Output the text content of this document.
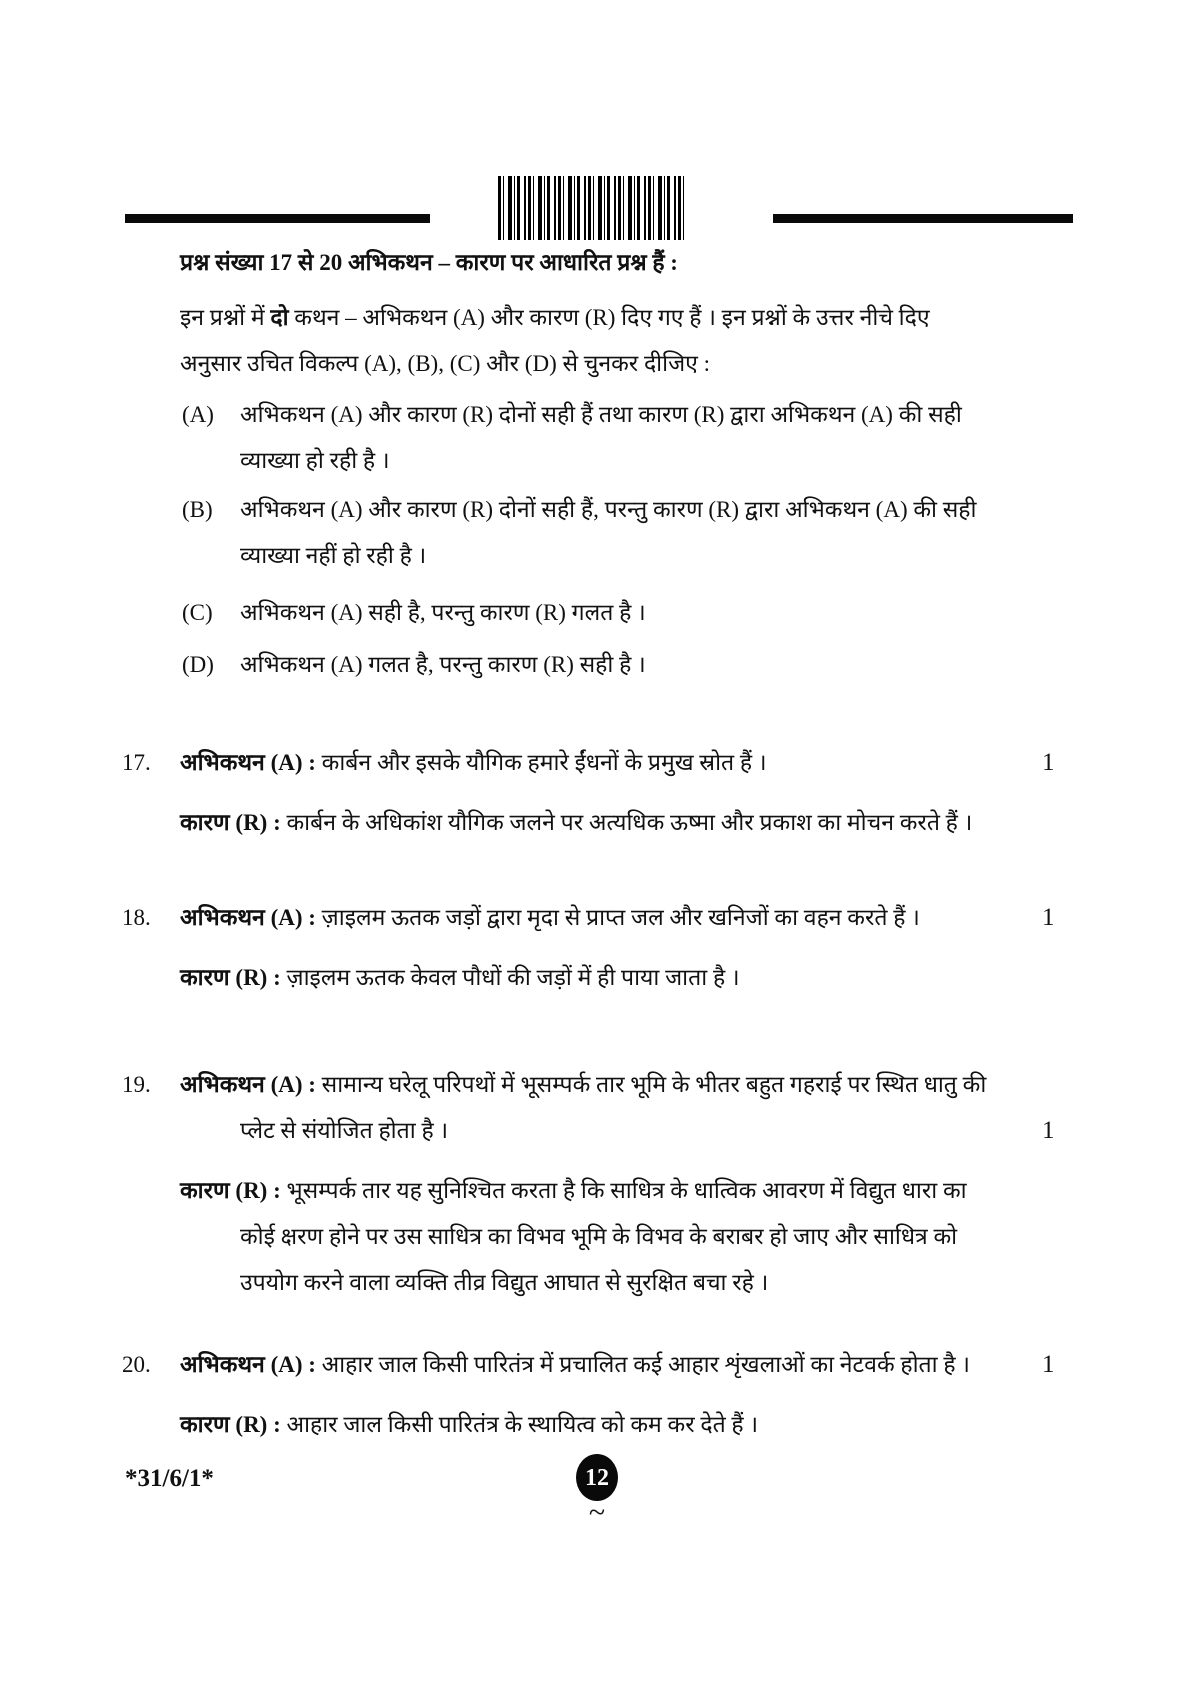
प्रश्न संख्या 17 से 20 अभिकथन – कारण पर आधारित प्रश्न हैं :
इन प्रश्नों में दो कथन – अभिकथन (A) और कारण (R) दिए गए हैं । इन प्रश्नों के उत्तर नीचे दिए
अनुसार उचित विकल्प (A), (B), (C) और (D) से चुनकर दीजिए :
(A)	अभिकथन (A) और कारण (R) दोनों सही हैं तथा कारण (R) द्वारा अभिकथन (A) की सही
व्याख्या हो रही है ।
(B)	अभिकथन (A) और कारण (R) दोनों सही हैं, परन्तु कारण (R) द्वारा अभिकथन (A) की सही
व्याख्या नहीं हो रही है ।
(C)	अभिकथन (A) सही है, परन्तु कारण (R) गलत है ।
(D)	अभिकथन (A) गलत है, परन्तु कारण (R) सही है ।
17.	अभिकथन (A) : कार्बन और इसके यौगिक हमारे ईंधनों के प्रमुख स्रोत हैं ।

कारण (R) : कार्बन के अधिकांश यौगिक जलने पर अत्यधिक ऊष्मा और प्रकाश का मोचन करते हैं ।

1
18.	अभिकथन (A) : ज़ाइलम ऊतक जड़ों द्वारा मृदा से प्राप्त जल और खनिजों का वहन करते हैं ।

कारण (R) : ज़ाइलम ऊतक केवल पौधों की जड़ों में ही पाया जाता है ।

1
19.	अभिकथन (A) : सामान्य घरेलू परिपथों में भूसम्पर्क तार भूमि के भीतर बहुत गहराई पर स्थित धातु की
प्लेट से संयोजित होता है ।

कारण (R) : भूसम्पर्क तार यह सुनिश्चित करता है कि साधित्र के धात्विक आवरण में विद्युत धारा का
कोई क्षरण होने पर उस साधित्र का विभव भूमि के विभव के बराबर हो जाए और साधित्र को
उपयोग करने वाला व्यक्ति तीव्र विद्युत आघात से सुरक्षित बचा रहे ।

1
20.	अभिकथन (A) : आहार जाल किसी पारितंत्र में प्रचालित कई आहार शृंखलाओं का नेटवर्क होता है ।

कारण (R) : आहार जाल किसी पारितंत्र के स्थायित्व को कम कर देते हैं ।

1
*31/6/1*	12
~
